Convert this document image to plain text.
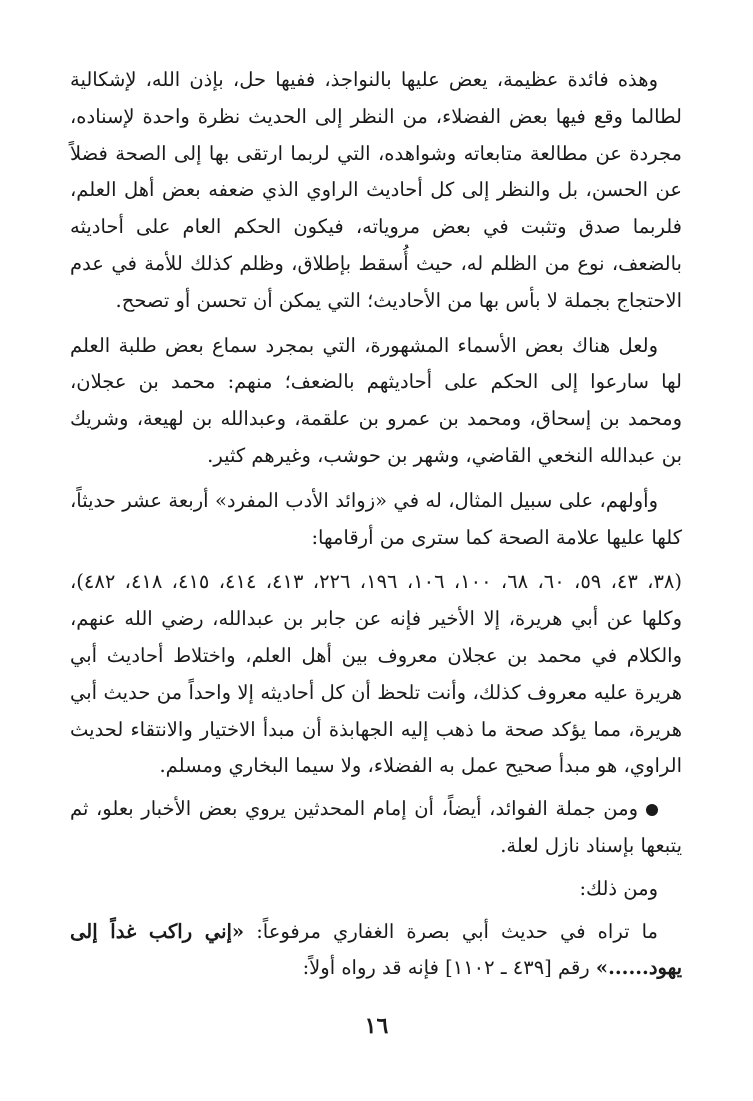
وهذه فائدة عظيمة، يعض عليها بالنواجذ، ففيها حل، بإذن الله، لإشكالية لطالما وقع فيها بعض الفضلاء، من النظر إلى الحديث نظرة واحدة لإسناده، مجردة عن مطالعة متابعاته وشواهده، التي لربما ارتقى بها إلى الصحة فضلاً عن الحسن، بل والنظر إلى كل أحاديث الراوي الذي ضعفه بعض أهل العلم، فلربما صدق وتثبت في بعض مروياته، فيكون الحكم العام على أحاديثه بالضعف، نوع من الظلم له، حيث أُسقط بإطلاق، وظلم كذلك للأمة في عدم الاحتجاج بجملة لا بأس بها من الأحاديث؛ التي يمكن أن تحسن أو تصحح.

ولعل هناك بعض الأسماء المشهورة، التي بمجرد سماع بعض طلبة العلم لها سارعوا إلى الحكم على أحاديثهم بالضعف؛ منهم: محمد بن عجلان، ومحمد بن إسحاق، ومحمد بن عمرو بن علقمة، وعبدالله بن لهيعة، وشريك بن عبدالله النخعي القاضي، وشهر بن حوشب، وغيرهم كثير.

وأولهم، على سبيل المثال، له في «زوائد الأدب المفرد» أربعة عشر حديثاً، كلها عليها علامة الصحة كما سترى من أرقامها:

(٣٨، ٤٣، ٥٩، ٦٠، ٦٨، ١٠٠، ١٠٦، ١٩٦، ٢٢٦، ٤١٣، ٤١٤، ٤١٥، ٤١٨، ٤٨٢)، وكلها عن أبي هريرة، إلا الأخير فإنه عن جابر بن عبدالله، رضي الله عنهم، والكلام في محمد بن عجلان معروف بين أهل العلم، واختلاط أحاديث أبي هريرة عليه معروف كذلك، وأنت تلحظ أن كل أحاديثه إلا واحداً من حديث أبي هريرة، مما يؤكد صحة ما ذهب إليه الجهابذة أن مبدأ الاختيار والانتقاء لحديث الراوي، هو مبدأ صحيح عمل به الفضلاء، ولا سيما البخاري ومسلم.

ومن جملة الفوائد، أيضاً، أن إمام المحدثين يروي بعض الأخبار بعلو، ثم يتبعها بإسناد نازل لعلة.

ومن ذلك:

ما تراه في حديث أبي بصرة الغفاري مرفوعاً: «إني راكب غداً إلى يهود......» رقم [٤٣٩ ـ ١١٠٢] فإنه قد رواه أولاً:

١٦
